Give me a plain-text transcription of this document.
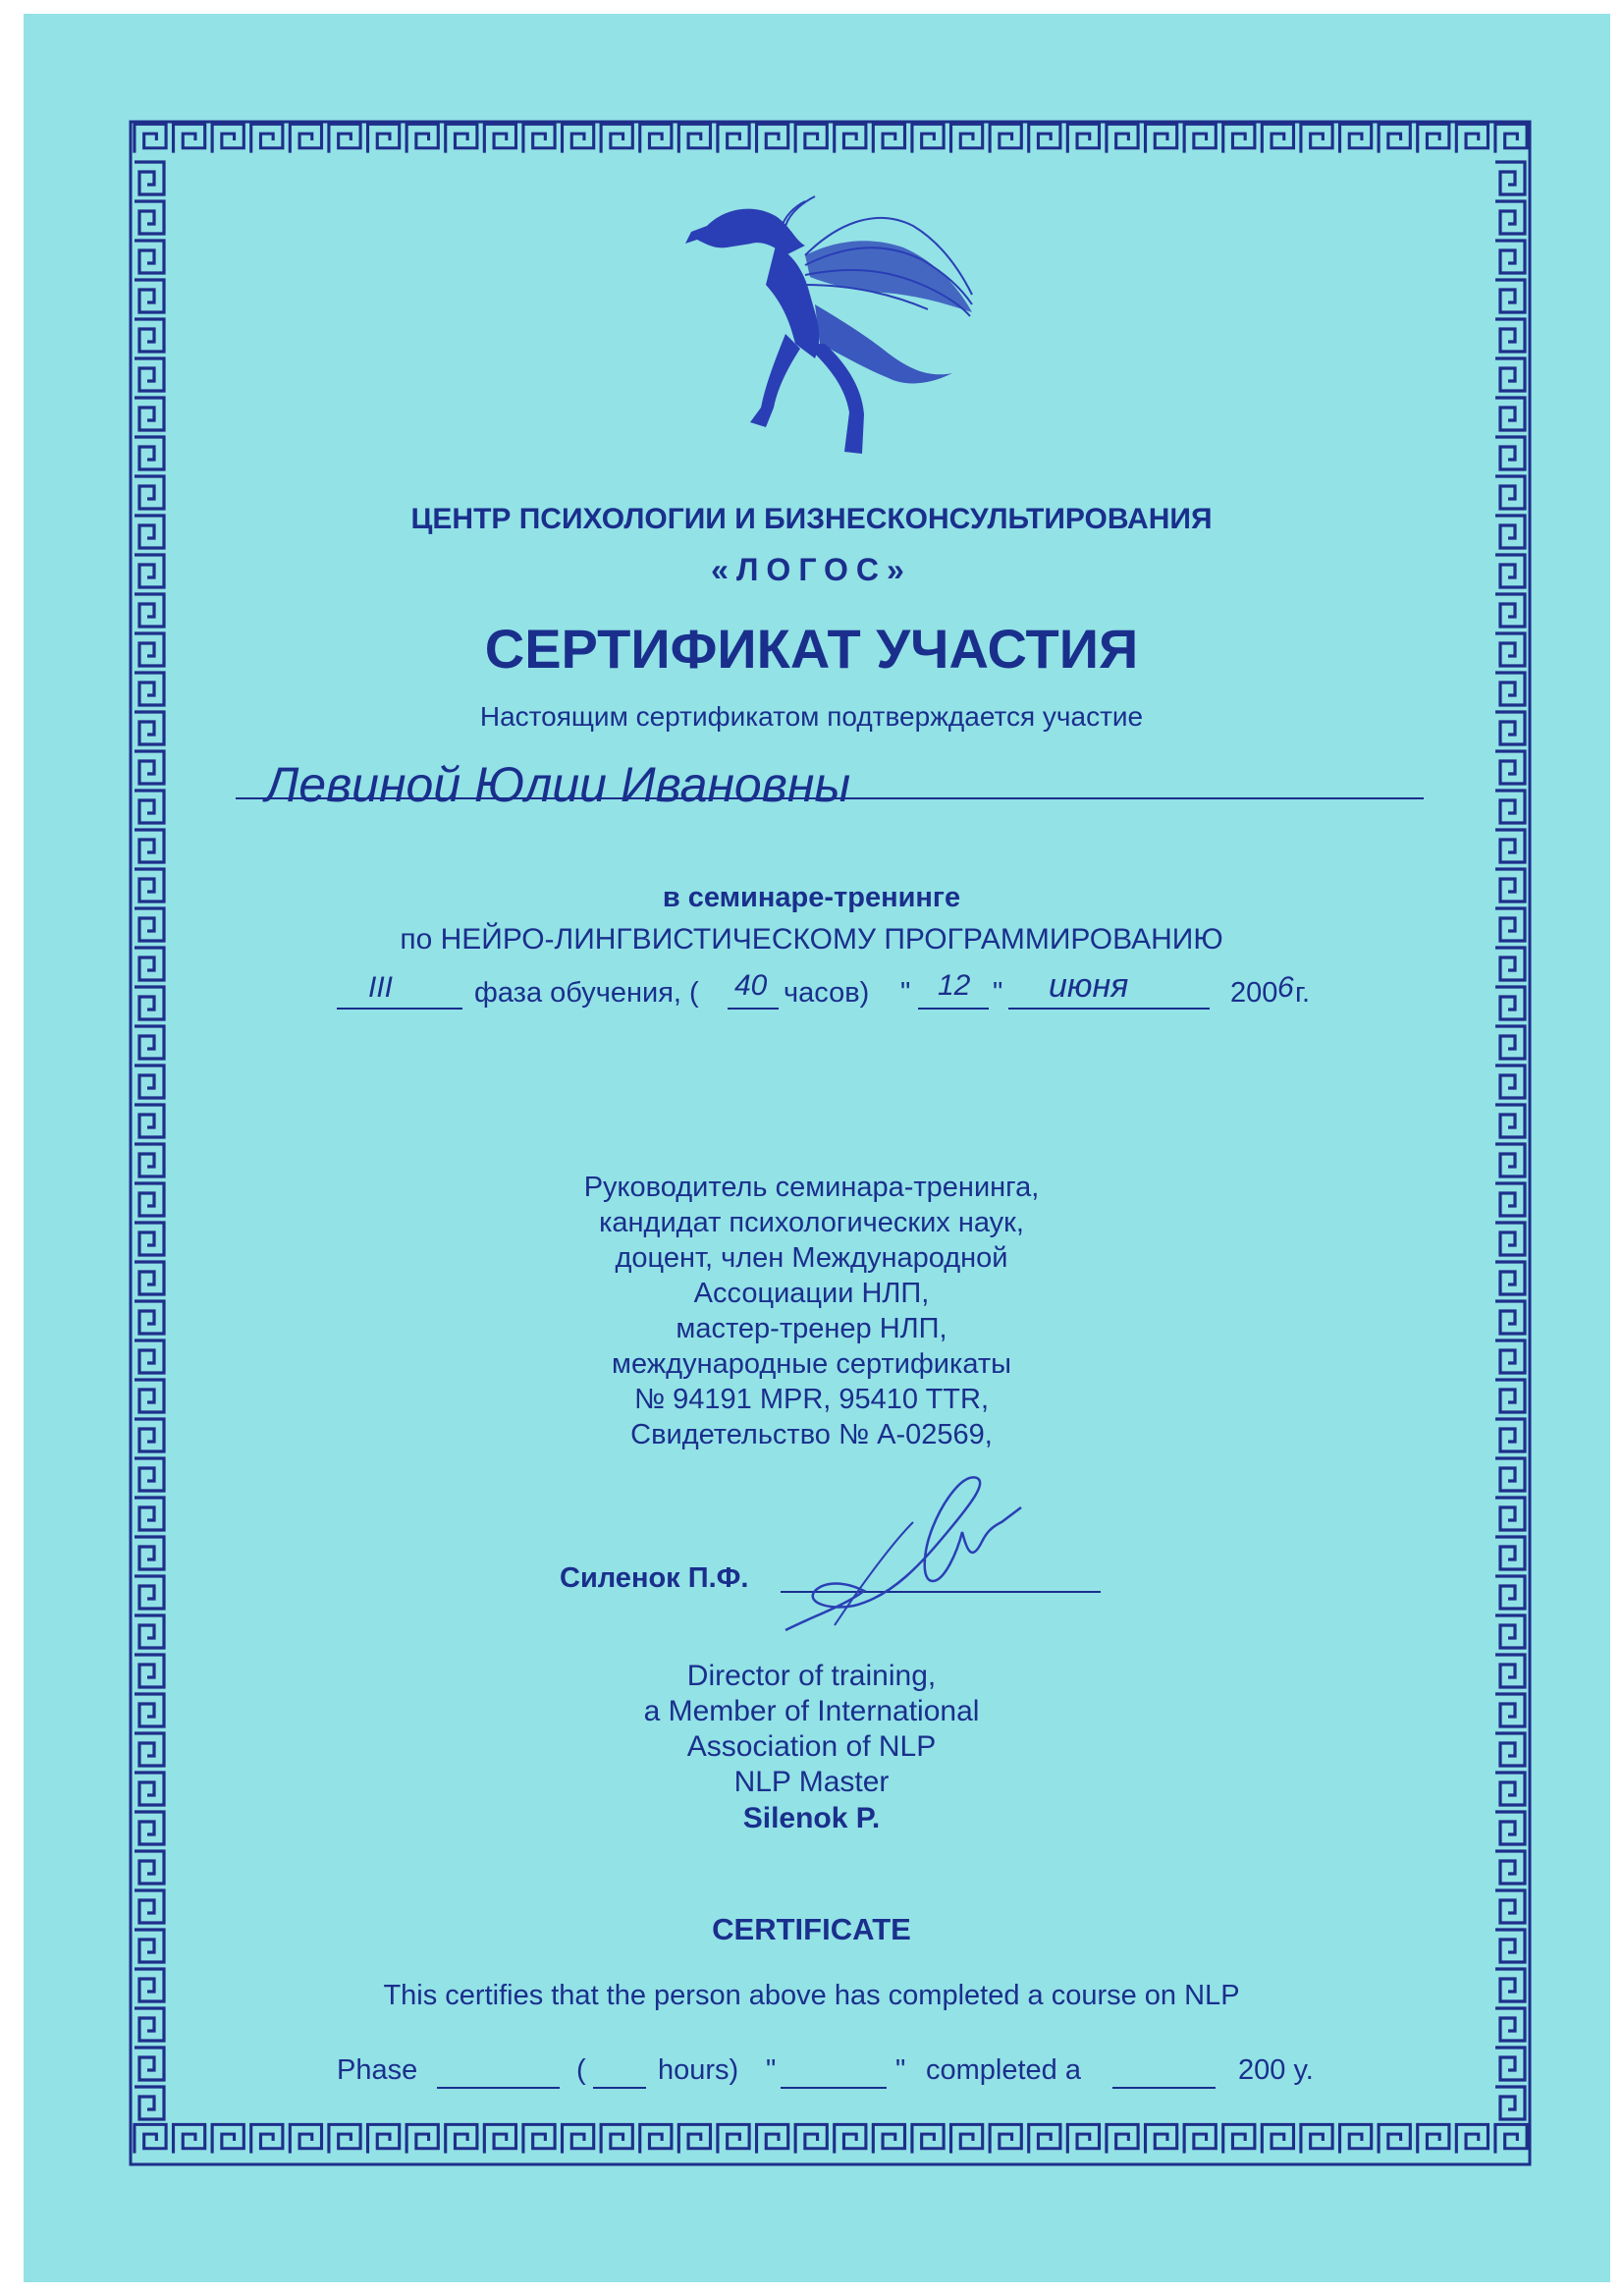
ЦЕНТР ПСИХОЛОГИИ И БИЗНЕСКОНСУЛЬТИРОВАНИЯ
«ЛОГОС»
СЕРТИФИКАТ УЧАСТИЯ
Настоящим сертификатом подтверждается участие
Левиной Юлии Ивановны
в семинаре-тренинге
по НЕЙРО-ЛИНГВИСТИЧЕСКОМУ ПРОГРАММИРОВАНИЮ
III	фаза обучения, ( 40 часов) " 12 " июня	200 6 г.
Руководитель семинара-тренинга,
кандидат психологических наук,
доцент, член Международной
Ассоциации НЛП,
мастер-тренер НЛП,
международные сертификаты
№ 94191 MPR, 95410 TTR,
Свидетельство № А-02569,
Силенок П.Ф.
Director of training,
a Member of International
Association of NLP
NLP Master
Silenok P.
CERTIFICATE
This certifies that the person above has completed a course on NLP
Phase	(	hours) "	" completed a	200 y.
